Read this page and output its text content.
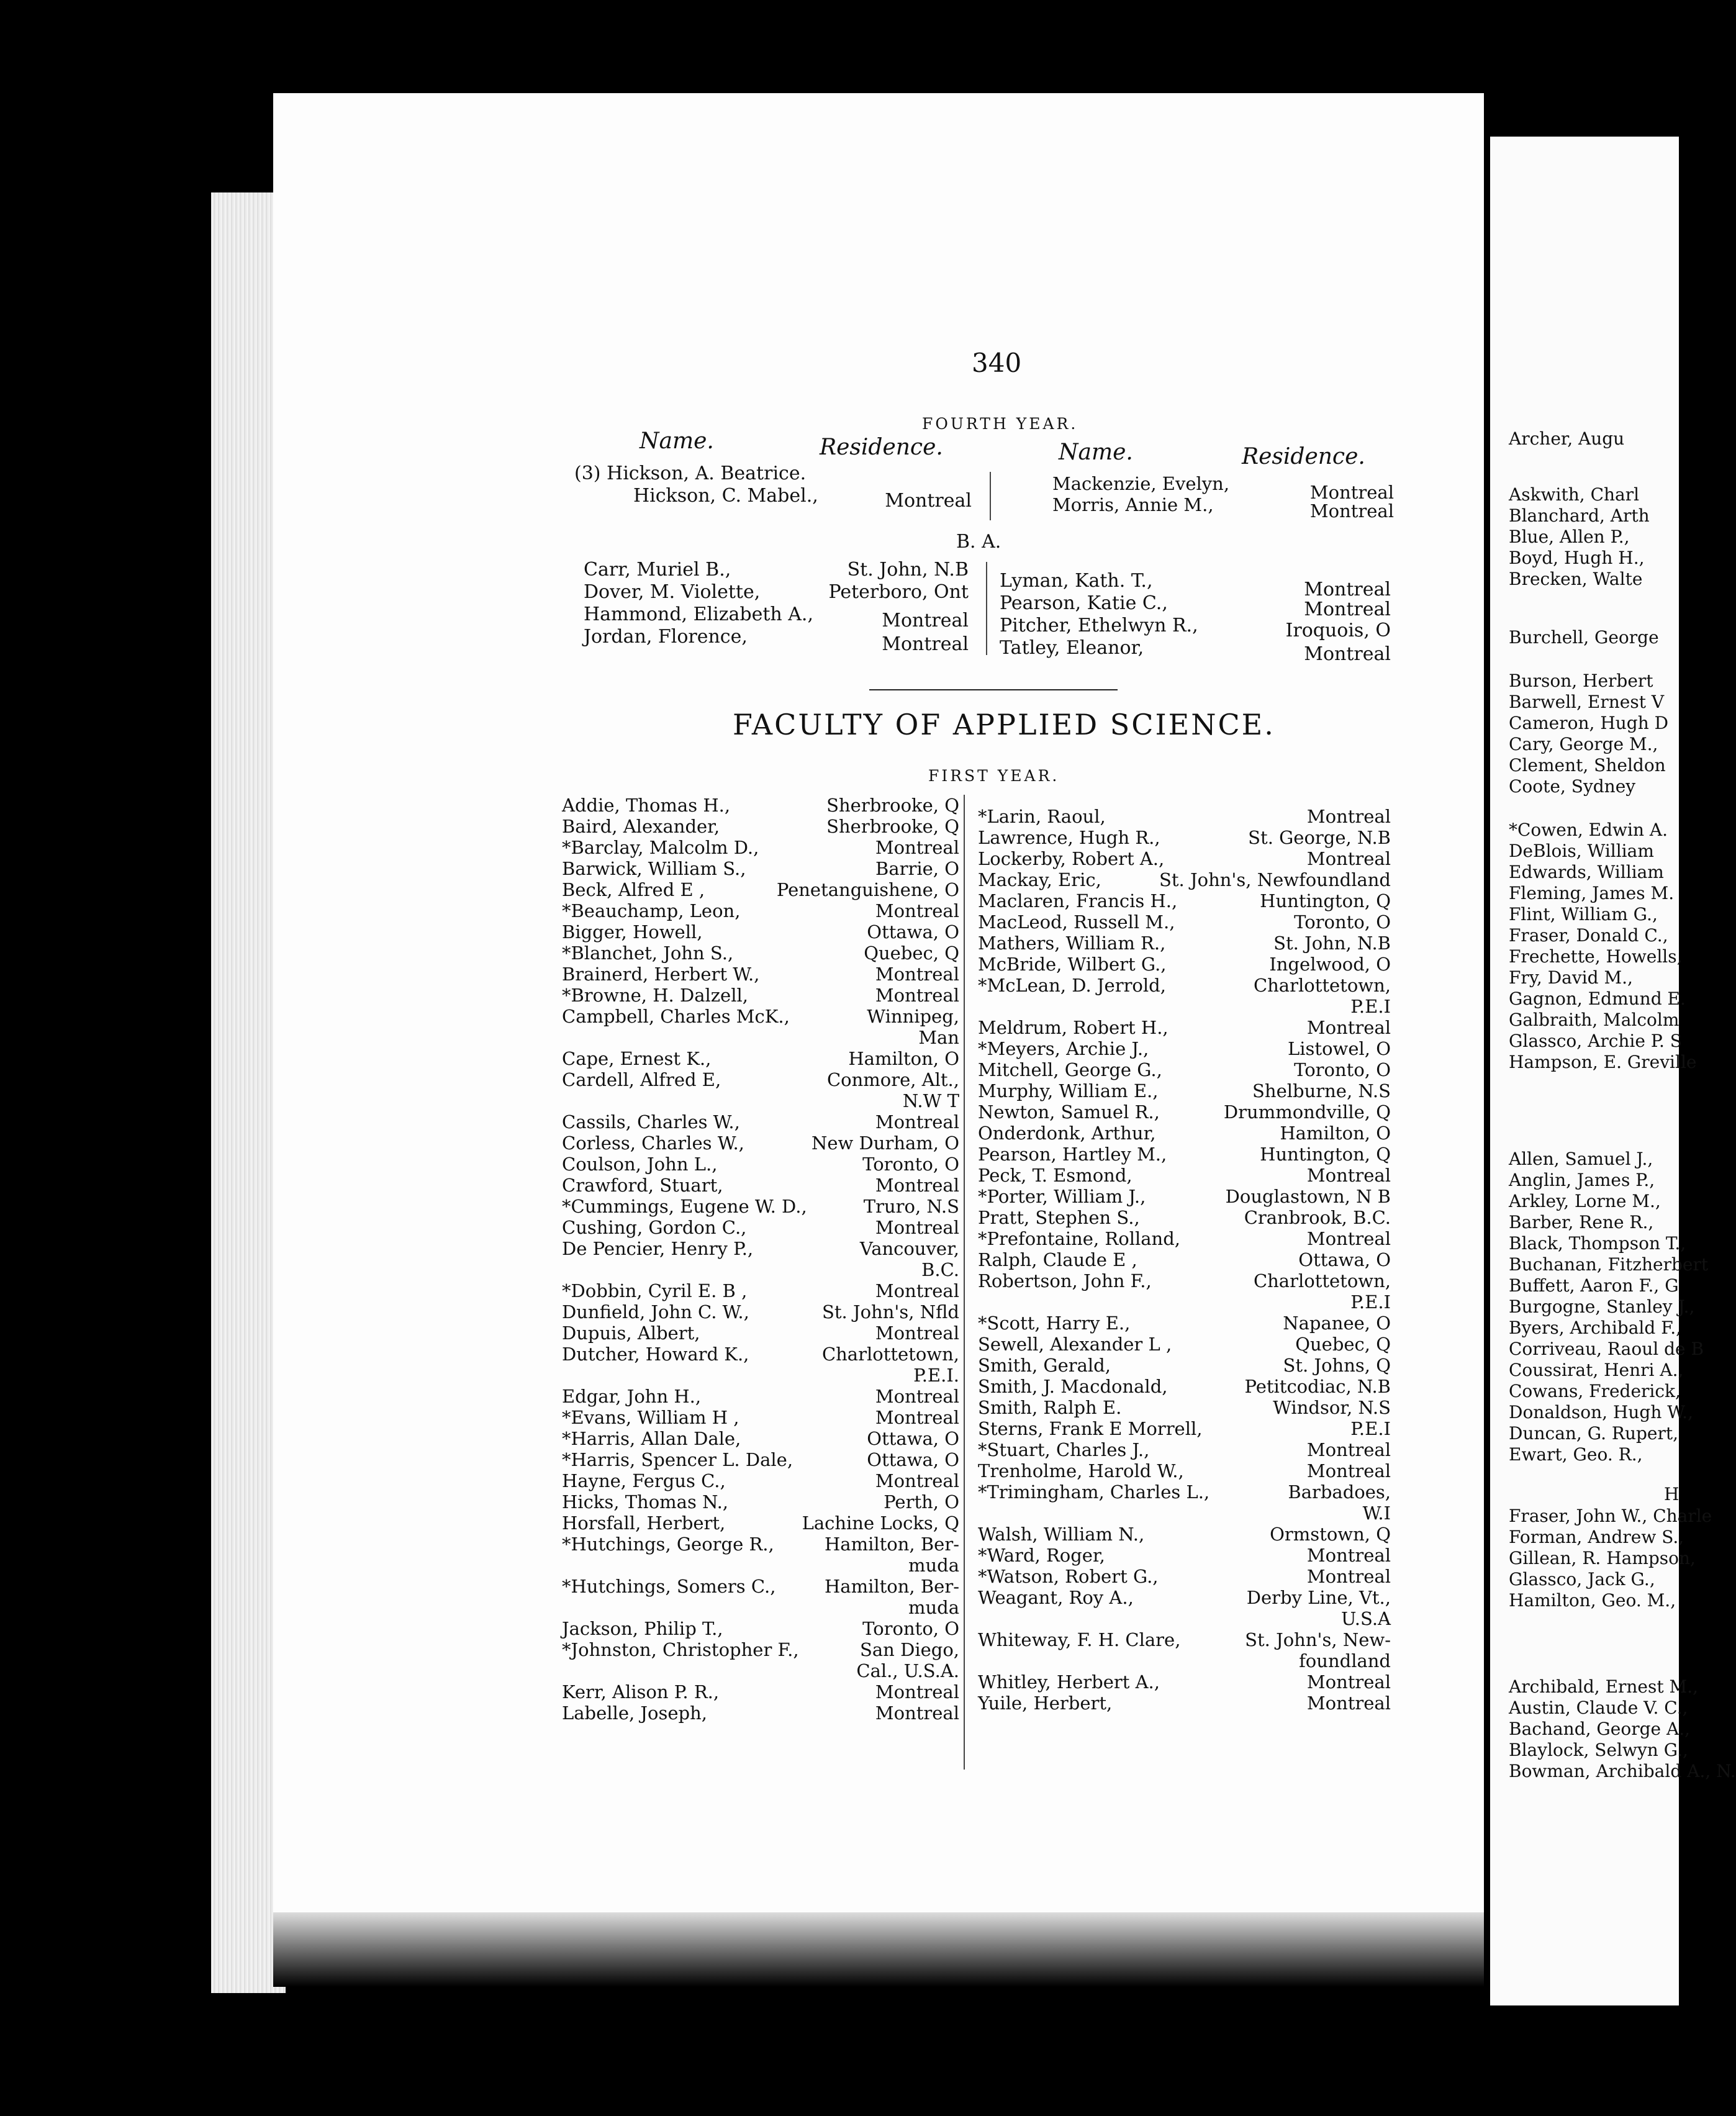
340
FOURTH YEAR.
Name.	Residence.	Name.	Residence.
(3) Hickson, A. Beatrice.
Hickson, C. Mabel.,	Montreal
Mackenzie, Evelyn,	Montreal
Morris, Annie M.,	Montreal
B. A.
Carr, Muriel B.,	St. John, N.B
Dover, M. Violette,	Peterboro, Ont
Hammond, Elizabeth A.,	Montreal
Jordan, Florence,	Montreal
Lyman, Kath. T.,	Montreal
Pearson, Katie C.,	Montreal
Pitcher, Ethelwyn R.,	Iroquois, O
Tatley, Eleanor,	Montreal
FACULTY OF APPLIED SCIENCE.
FIRST YEAR.
Addie, Thomas H.,	Sherbrooke, Q
Baird, Alexander,	Sherbrooke, Q
*Barclay, Malcolm D.,	Montreal
Barwick, William S.,	Barrie, O
Beck, Alfred E ,	Penetanguishene, O
*Beauchamp, Leon,	Montreal
Bigger, Howell,	Ottawa, O
*Blanchet, John S.,	Quebec, Q
Brainerd, Herbert W.,	Montreal
*Browne, H. Dalzell,	Montreal
Campbell, Charles McK.,	Winnipeg,
Man
Cape, Ernest K.,	Hamilton, O
Cardell, Alfred E,	Conmore, Alt.,
N.W T
Cassils, Charles W.,	Montreal
Corless, Charles W.,	New Durham, O
Coulson, John L.,	Toronto, O
Crawford, Stuart,	Montreal
*Cummings, Eugene W. D.,	Truro, N.S
Cushing, Gordon C.,	Montreal
De Pencier, Henry P.,	Vancouver,
B.C.
*Dobbin, Cyril E. B ,	Montreal
Dunfield, John C. W.,	St. John's, Nfld
Dupuis, Albert,	Montreal
Dutcher, Howard K.,	Charlottetown,
P.E.I.
Edgar, John H.,	Montreal
*Evans, William H ,	Montreal
*Harris, Allan Dale,	Ottawa, O
*Harris, Spencer L. Dale,	Ottawa, O
Hayne, Fergus C.,	Montreal
Hicks, Thomas N.,	Perth, O
Horsfall, Herbert,	Lachine Locks, Q
*Hutchings, George R.,	Hamilton, Ber-
muda
*Hutchings, Somers C.,	Hamilton, Ber-
muda
Jackson, Philip T.,	Toronto, O
*Johnston, Christopher F.,	San Diego,
Cal., U.S.A.
Kerr, Alison P. R.,	Montreal
Labelle, Joseph,	Montreal
*Larin, Raoul,	Montreal
Lawrence, Hugh R.,	St. George, N.B
Lockerby, Robert A.,	Montreal
Mackay, Eric,	St. John's, Newfoundland
Maclaren, Francis H.,	Huntington, Q
MacLeod, Russell M.,	Toronto, O
Mathers, William R.,	St. John, N.B
McBride, Wilbert G.,	Ingelwood, O
*McLean, D. Jerrold,	Charlottetown,
P.E.I
Meldrum, Robert H.,	Montreal
*Meyers, Archie J.,	Listowel, O
Mitchell, George G.,	Toronto, O
Murphy, William E.,	Shelburne, N.S
Newton, Samuel R.,	Drummondville, Q
Onderdonk, Arthur,	Hamilton, O
Pearson, Hartley M.,	Huntington, Q
Peck, T. Esmond,	Montreal
*Porter, William J.,	Douglastown, N B
Pratt, Stephen S.,	Cranbrook, B.C.
*Prefontaine, Rolland,	Montreal
Ralph, Claude E ,	Ottawa, O
Robertson, John F.,	Charlottetown,
P.E.I
*Scott, Harry E.,	Napanee, O
Sewell, Alexander L ,	Quebec, Q
Smith, Gerald,	St. Johns, Q
Smith, J. Macdonald,	Petitcodiac, N.B
Smith, Ralph E.	Windsor, N.S
Sterns, Frank E Morrell,	P.E.I
*Stuart, Charles J.,	Montreal
Trenholme, Harold W.,	Montreal
*Trimingham, Charles L.,	Barbadoes,
W.I
Walsh, William N.,	Ormstown, Q
*Ward, Roger,	Montreal
*Watson, Robert G.,	Montreal
Weagant, Roy A.,	Derby Line, Vt.,
U.S.A
Whiteway, F. H. Clare,	St. John's, New-
foundland
Whitley, Herbert A.,	Montreal
Yuile, Herbert,	Montreal
Archer, Augu
Askwith, Charl
Blanchard, Arth
Blue, Allen P.,
Boyd, Hugh H.,
Brecken, Walte
Burchell, George
Burson, Herbert
Barwell, Ernest V
Cameron, Hugh D
Cary, George M.,
Clement, Sheldon
Coote, Sydney
*Cowen, Edwin A.
DeBlois, William
Edwards, William
Fleming, James M.
Flint, William G.,
Fraser, Donald C.,
Frechette, Howells,
Fry, David M.,
Gagnon, Edmund E.
Galbraith, Malcolm
Glassco, Archie P. S
Hampson, E. Greville
Allen, Samuel J.,
Anglin, James P.,
Arkley, Lorne M.,
Barber, Rene R.,
Black, Thompson T.,
Buchanan, Fitzherbert
Buffett, Aaron F., G
Burgogne, Stanley J.,
Byers, Archibald F.,
Corriveau, Raoul de B
Coussirat, Henri A.,
Cowans, Frederick,
Donaldson, Hugh W.,
Duncan, G. Rupert,
Ewart, Geo. R.,
Fraser, John W., Charle
Forman, Andrew S.,
Gillean, R. Hampson,
Glassco, Jack G.,
Hamilton, Geo. M.,
Archibald, Ernest M.,
Austin, Claude V. C.,
Bachand, George A.,
Blaylock, Selwyn G.,
Bowman, Archibald A., N.
H
